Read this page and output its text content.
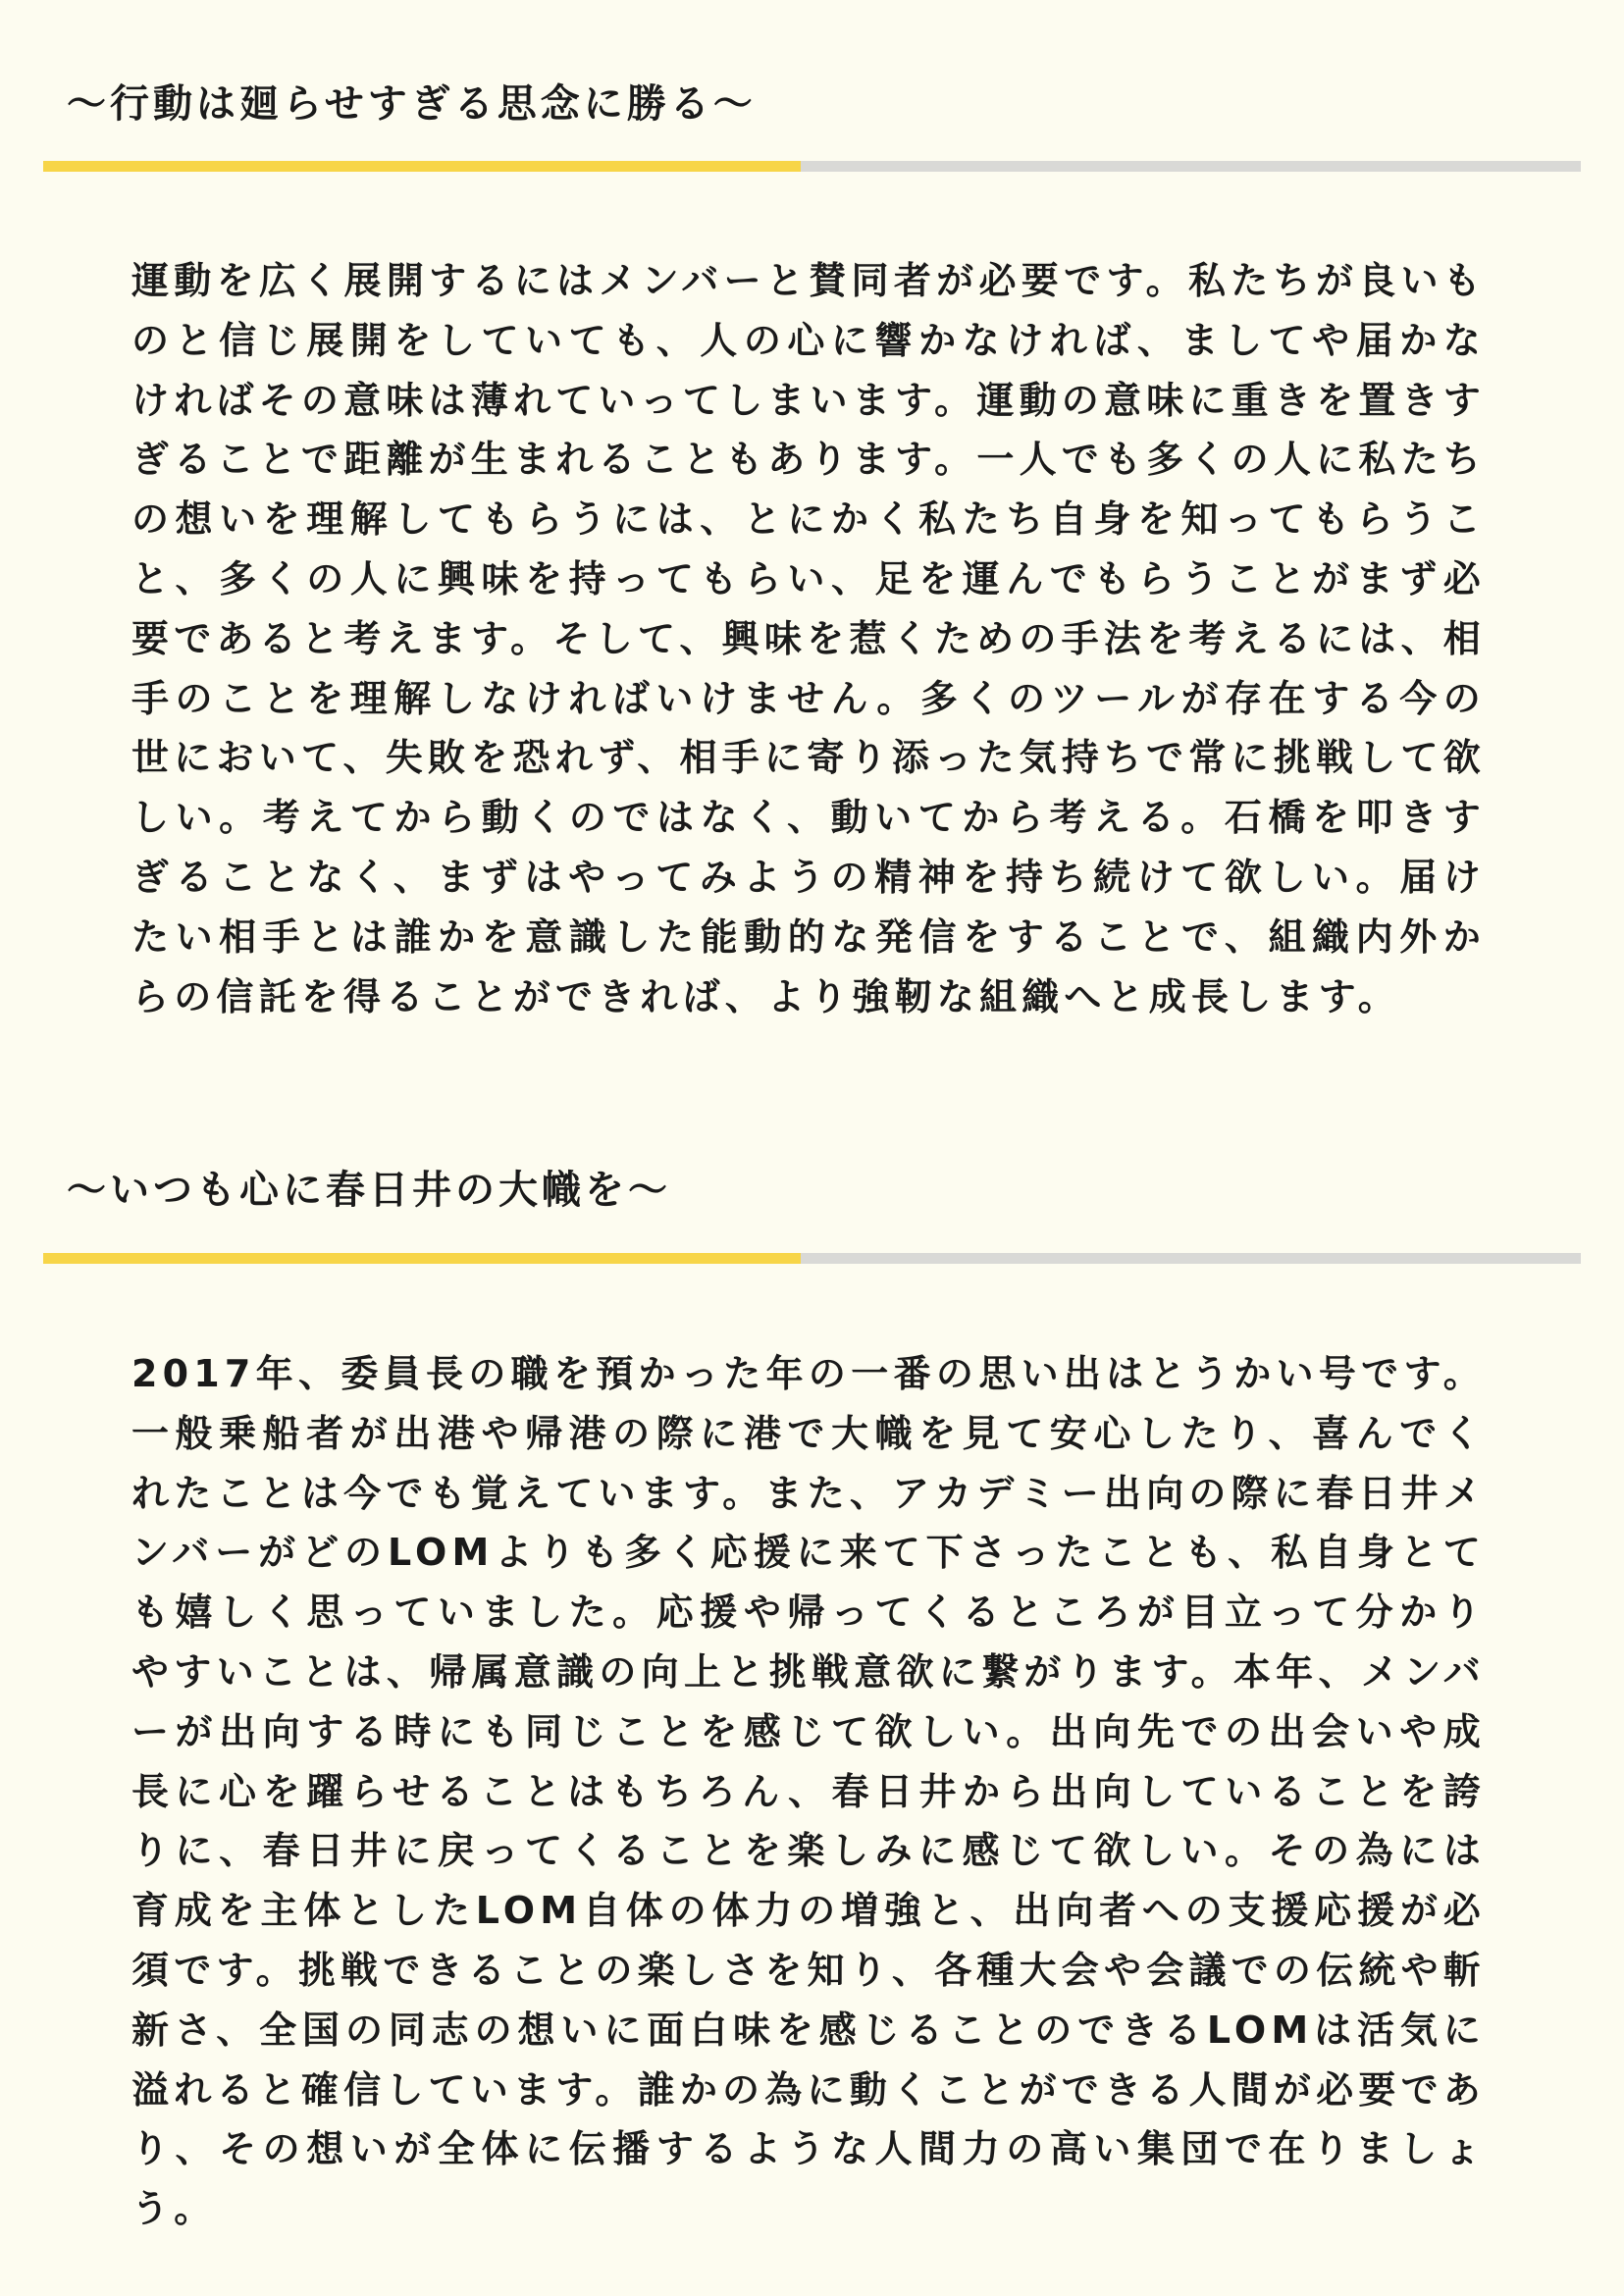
〜行動は廻らせすぎる思念に勝る〜

運動を広く展開するにはメンバーと賛同者が必要です。私たちが良いものと信じ展開をしていても、人の心に響かなければ、ましてや届かなければその意味は薄れていってしまいます。運動の意味に重きを置きすぎることで距離が生まれることもあります。一人でも多くの人に私たちの想いを理解してもらうには、とにかく私たち自身を知ってもらうこと、多くの人に興味を持ってもらい、足を運んでもらうことがまず必要であると考えます。そして、興味を惹くための手法を考えるには、相手のことを理解しなければいけません。多くのツールが存在する今の世において、失敗を恐れず、相手に寄り添った気持ちで常に挑戦して欲しい。考えてから動くのではなく、動いてから考える。石橋を叩きすぎることなく、まずはやってみようの精神を持ち続けて欲しい。届けたい相手とは誰かを意識した能動的な発信をすることで、組織内外からの信託を得ることができれば、より強靭な組織へと成長します。

〜いつも心に春日井の大幟を〜

2017年、委員長の職を預かった年の一番の思い出はとうかい号です。一般乗船者が出港や帰港の際に港で大幟を見て安心したり、喜んでくれたことは今でも覚えています。また、アカデミー出向の際に春日井メンバーがどのLOMよりも多く応援に来て下さったことも、私自身とても嬉しく思っていました。応援や帰ってくるところが目立って分かりやすいことは、帰属意識の向上と挑戦意欲に繋がります。本年、メンバーが出向する時にも同じことを感じて欲しい。出向先での出会いや成長に心を躍らせることはもちろん、春日井から出向していることを誇りに、春日井に戻ってくることを楽しみに感じて欲しい。その為には育成を主体としたLOM自体の体力の増強と、出向者への支援応援が必須です。挑戦できることの楽しさを知り、各種大会や会議での伝統や斬新さ、全国の同志の想いに面白味を感じることのできるLOMは活気に溢れると確信しています。誰かの為に動くことができる人間が必要であり、その想いが全体に伝播するような人間力の高い集団で在りましょう。
